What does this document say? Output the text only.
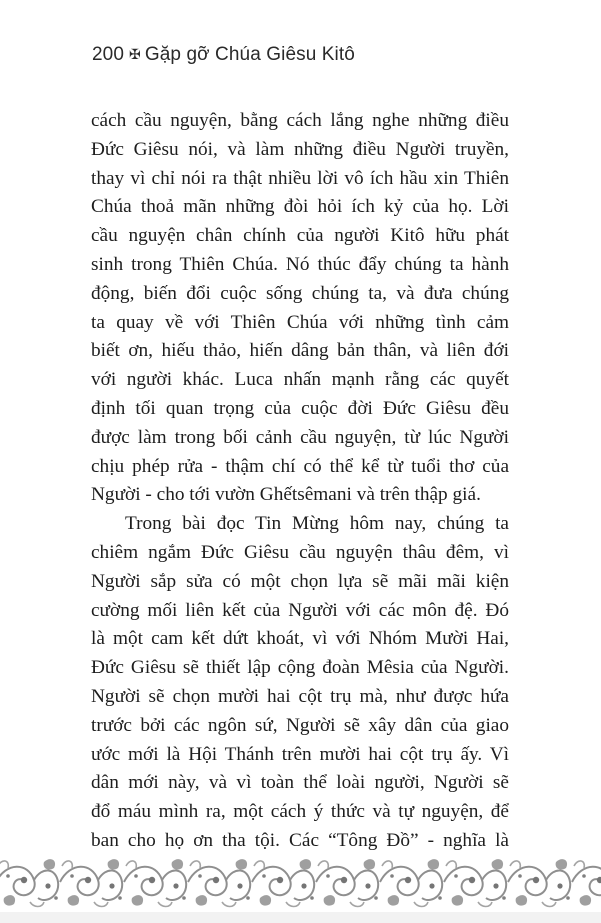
200 ✠ Gặp gỡ Chúa Giêsu Kitô
cách cầu nguyện, bằng cách lắng nghe những điều
Đức Giêsu nói, và làm những điều Người truyền,
thay vì chỉ nói ra thật nhiều lời vô ích hầu xin Thiên
Chúa thoả mãn những đòi hỏi ích kỷ của họ. Lời
cầu nguyện chân chính của người Kitô hữu phát
sinh trong Thiên Chúa. Nó thúc đẩy chúng ta hành
động, biến đổi cuộc sống chúng ta, và đưa chúng
ta quay về với Thiên Chúa với những tình cảm
biết ơn, hiếu thảo, hiến dâng bản thân, và liên đới
với người khác. Luca nhấn mạnh rằng các quyết
định tối quan trọng của cuộc đời Đức Giêsu đều
được làm trong bối cảnh cầu nguyện, từ lúc Người
chịu phép rửa - thậm chí có thể kể từ tuổi thơ của
Người - cho tới vườn Ghếtsêmani và trên thập giá.
Trong bài đọc Tin Mừng hôm nay, chúng ta
chiêm ngắm Đức Giêsu cầu nguyện thâu đêm, vì
Người sắp sửa có một chọn lựa sẽ mãi mãi kiện
cường mối liên kết của Người với các môn đệ. Đó
là một cam kết dứt khoát, vì với Nhóm Mười Hai,
Đức Giêsu sẽ thiết lập cộng đoàn Mêsia của Người.
Người sẽ chọn mười hai cột trụ mà, như được hứa
trước bởi các ngôn sứ, Người sẽ xây dân của giao
ước mới là Hội Thánh trên mười hai cột trụ ấy. Vì
dân mới này, và vì toàn thể loài người, Người sẽ
đổ máu mình ra, một cách ý thức và tự nguyện, để
ban cho họ ơn tha tội. Các “Tông Đồ” - nghĩa là
